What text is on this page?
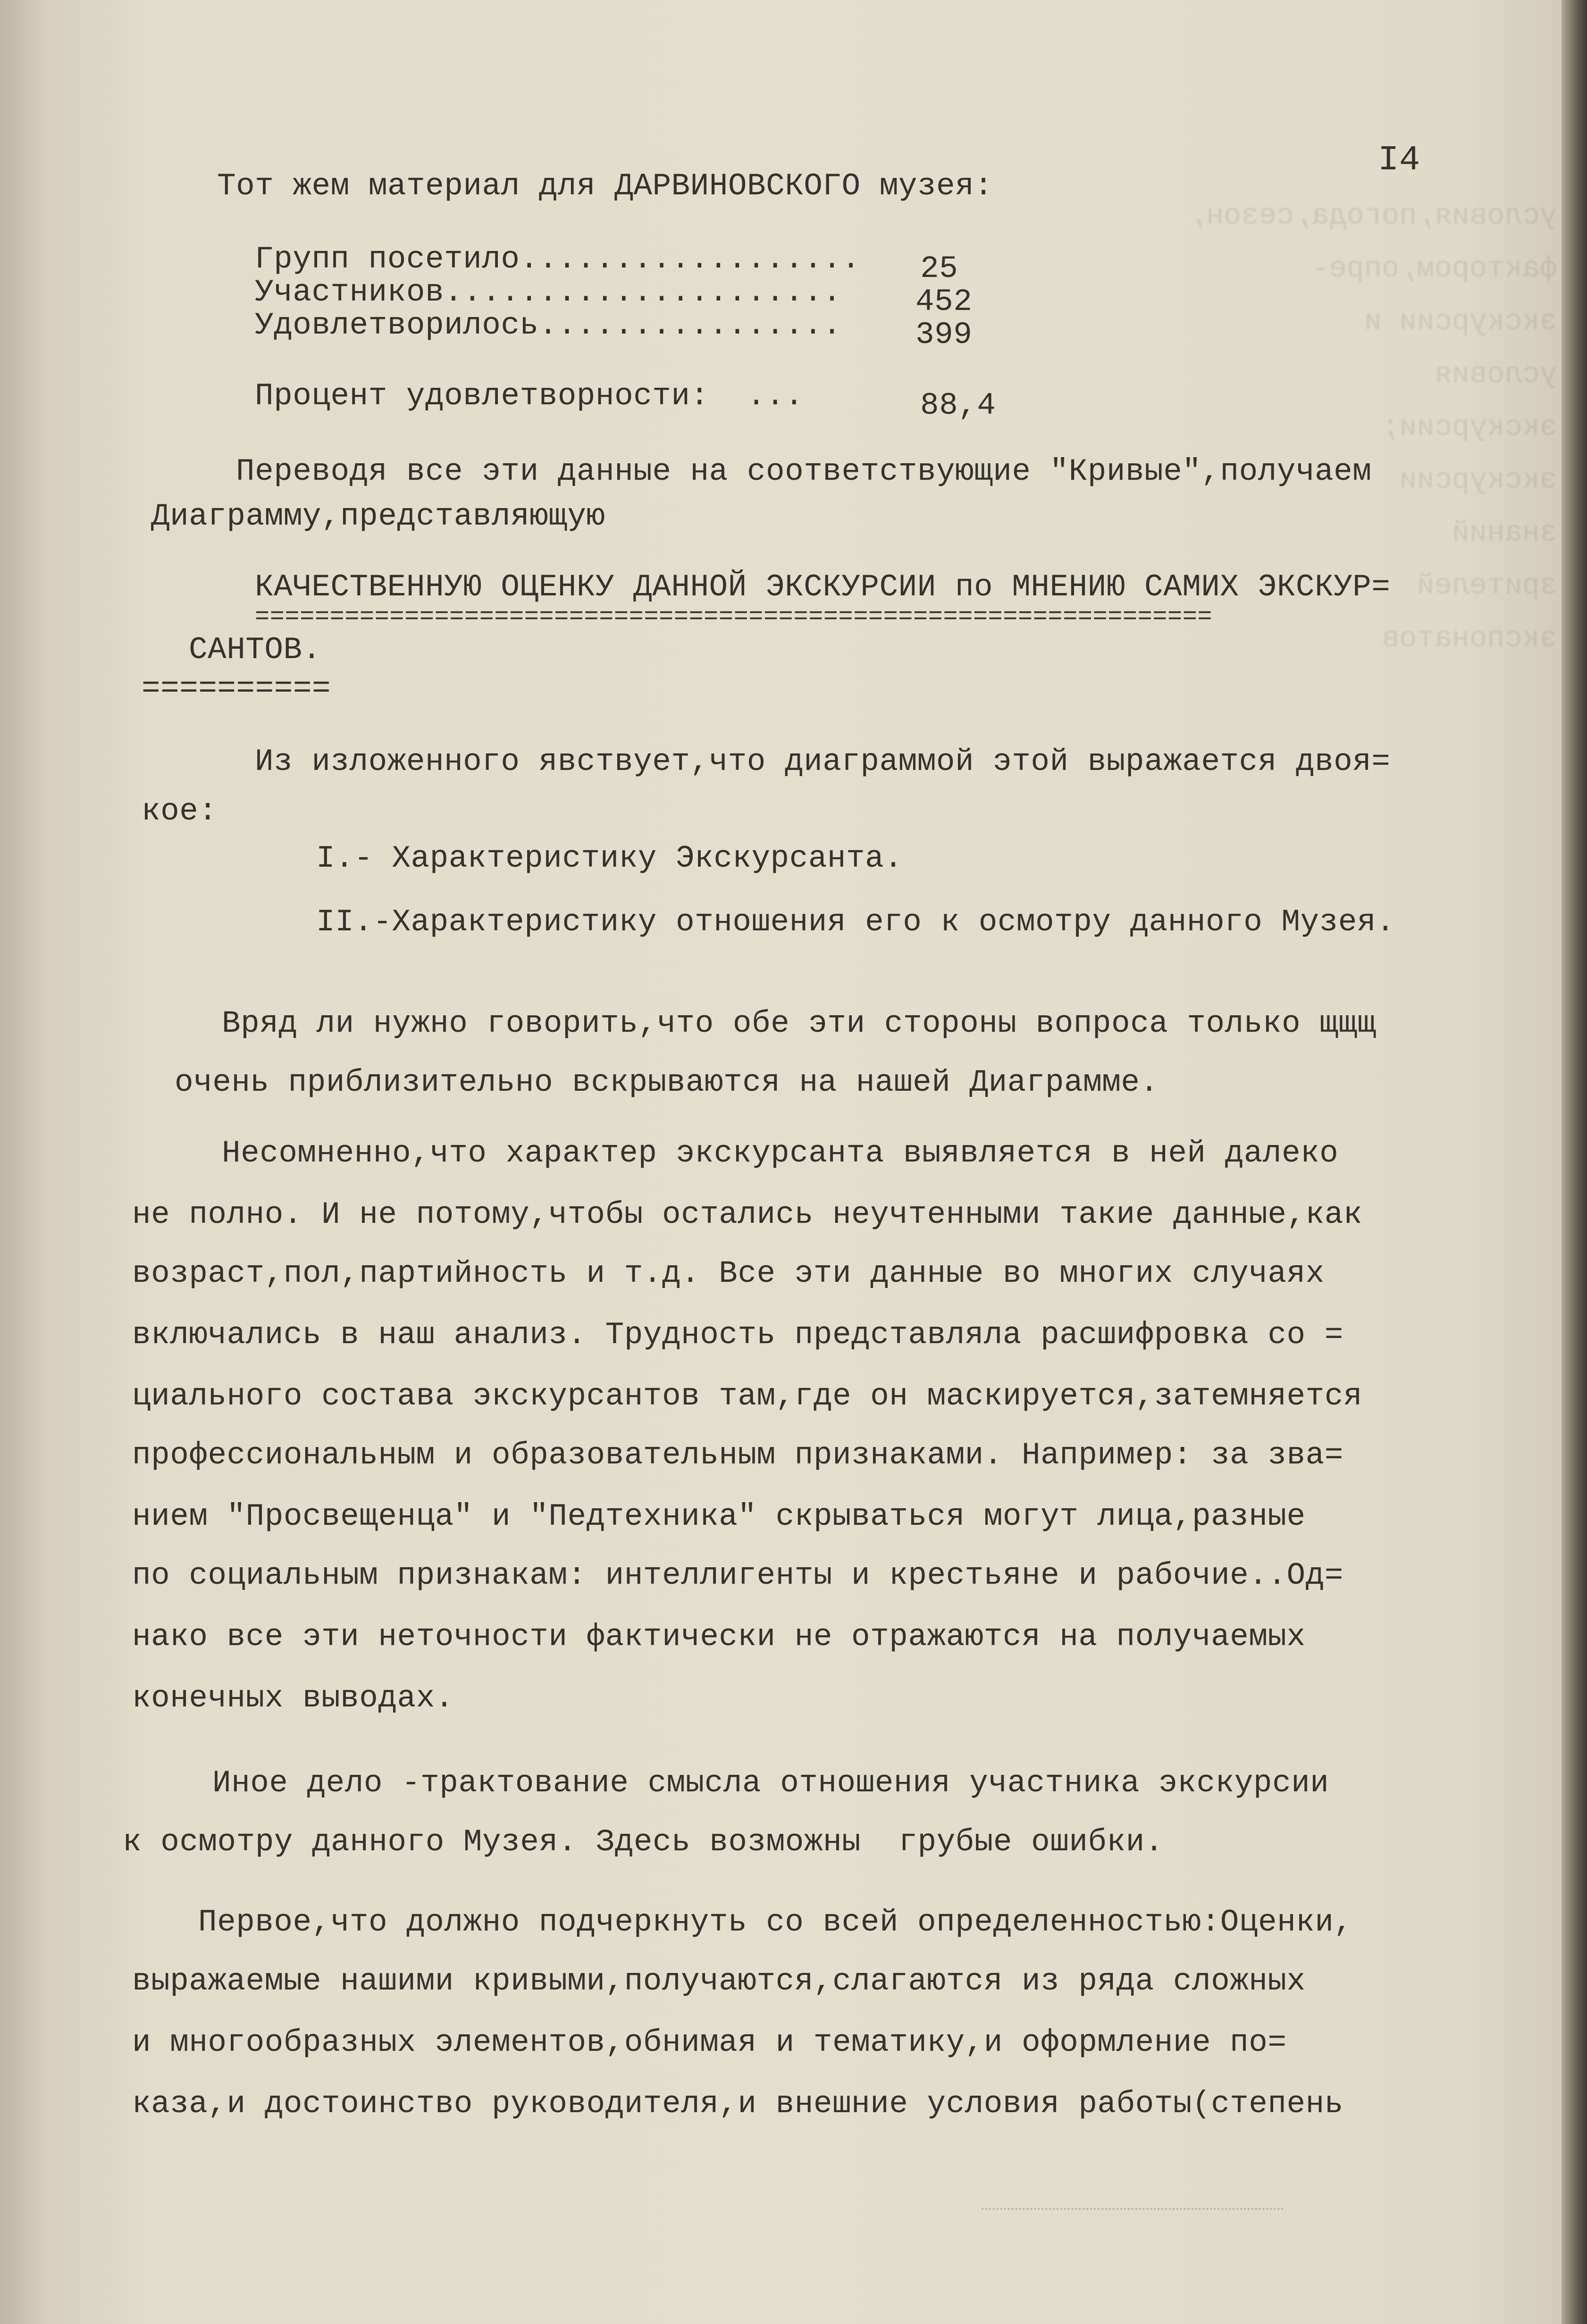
условия,погода,сезон,
фактором,опре-
экскурсии и
условия
экскурсии;
экскурсии
знаний
зрителей
экспонатов

I4
Тот жем материал для ДАРВИНОВСКОГО музея:
Групп посетило.................. 25
Участников..................... 452
Удовлетворилось................ 399
Процент удовлетворности:  ...	88,4
Переводя все эти данные на соответствующие "Кривые",получаем
Диаграмму,представляющую
КАЧЕСТВЕННУЮ ОЦЕНКУ ДАННОЙ ЭКСКУРСИИ по МНЕНИЮ САМИХ ЭКСКУР=
================================================================
САНТОВ.
==========
Из изложенного явствует,что диаграммой этой выражается двоя=
кое:
I.- Характеристику Экскурсанта.
II.-Характеристику отношения его к осмотру данного Музея.
Вряд ли нужно говорить,что обе эти стороны вопроса только щщщ
очень приблизительно вскрываются на нашей Диаграмме.
Несомненно,что характер экскурсанта выявляется в ней далеко
не полно. И не потому,чтобы остались неучтенными такие данные,как
возраст,пол,партийность и т.д. Все эти данные во многих случаях
включались в наш анализ. Трудность представляла расшифровка со =
циального состава экскурсантов там,где он маскируется,затемняется
профессиональным и образовательным признаками. Например: за зва=
нием "Просвещенца" и "Педтехника" скрываться могут лица,разные
по социальным признакам: интеллигенты и крестьяне и рабочие..Од=
нако все эти неточности фактически не отражаются на получаемых
конечных выводах.
Иное дело -трактование смысла отношения участника экскурсии
к осмотру данного Музея. Здесь возможны  грубые ошибки.
Первое,что должно подчеркнуть со всей определенностью:Оценки,
выражаемые нашими кривыми,получаются,слагаются из ряда сложных
и многообразных элементов,обнимая и тематику,и оформление по=
каза,и достоинство руководителя,и внешние условия работы(степень
